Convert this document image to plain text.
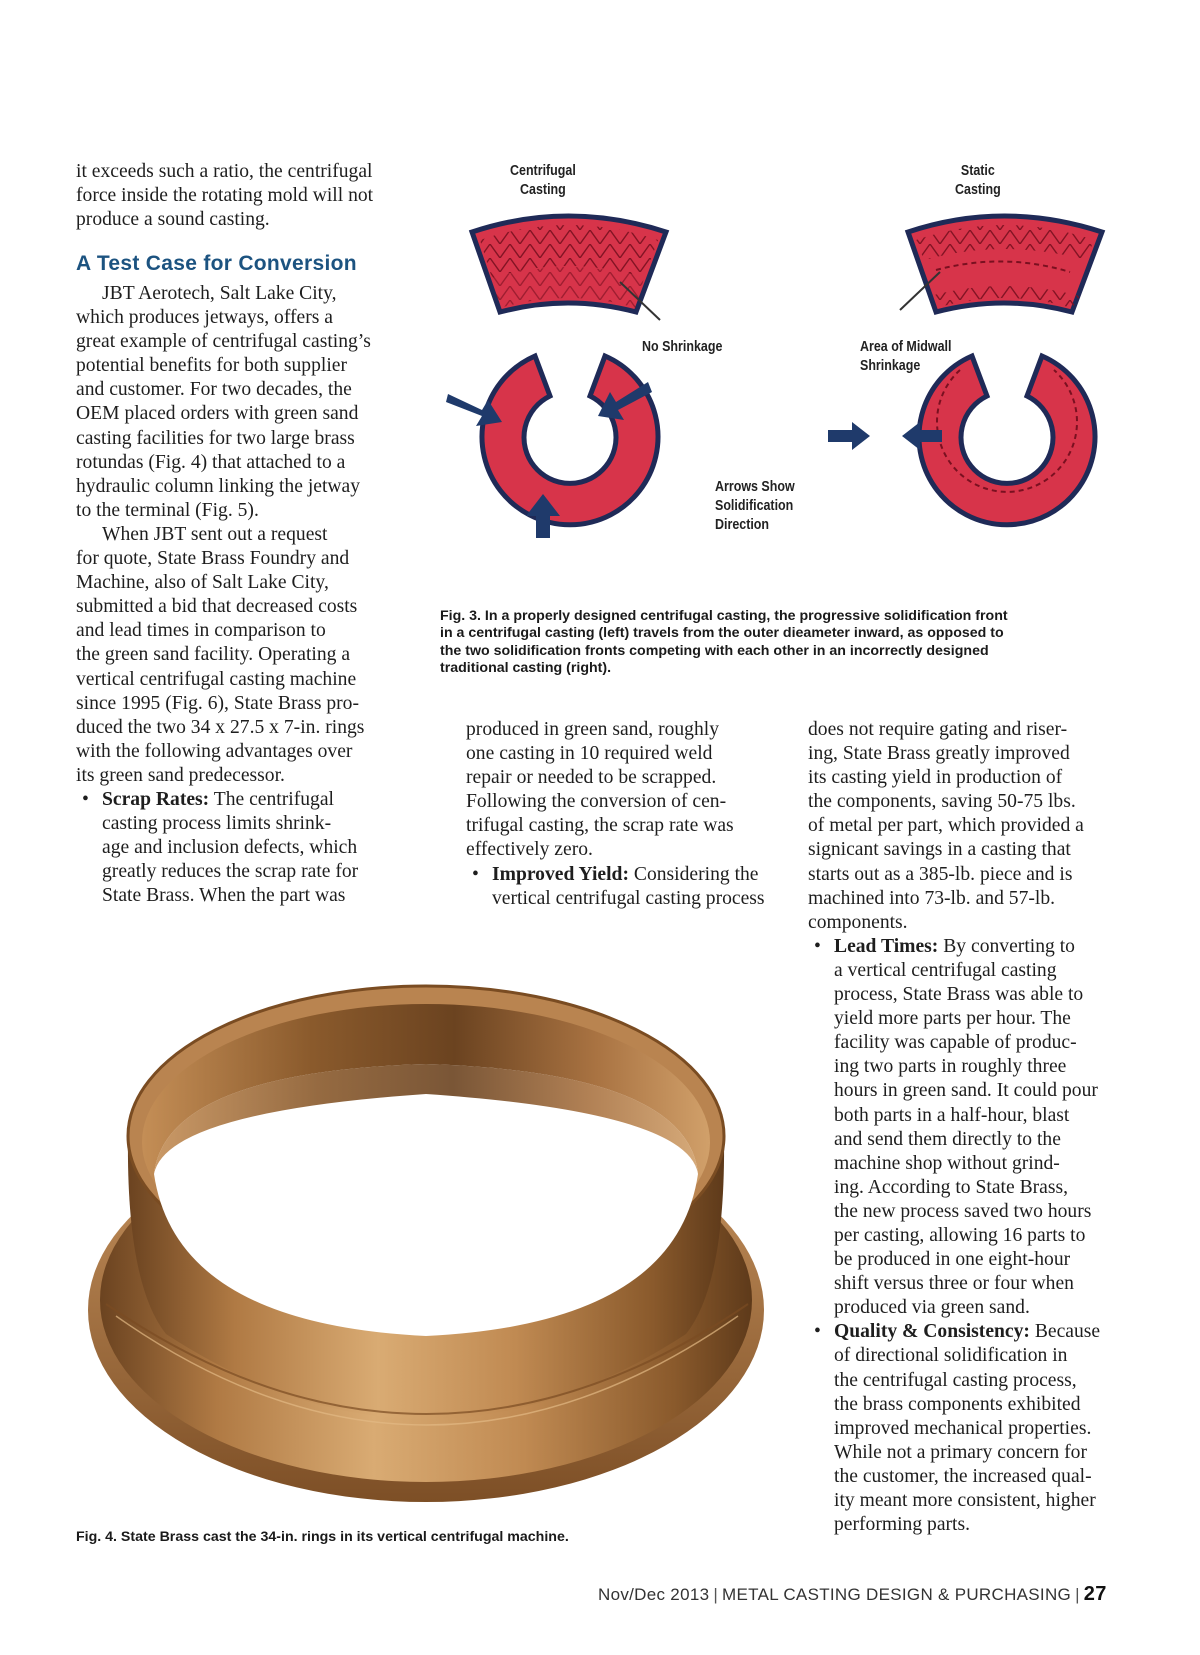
it exceeds such a ratio, the centrifugal
force inside the rotating mold will not
produce a sound casting.
A Test Case for Conversion
JBT Aerotech, Salt Lake City,
which produces jetways, offers a
great example of centrifugal casting’s
potential benefits for both supplier
and customer. For two decades, the
OEM placed orders with green sand
casting facilities for two large brass
rotundas (Fig. 4) that attached to a
hydraulic column linking the jetway
to the terminal (Fig. 5).
When JBT sent out a request
for quote, State Brass Foundry and
Machine, also of Salt Lake City,
submitted a bid that decreased costs
and lead times in comparison to
the green sand facility. Operating a
vertical centrifugal casting machine
since 1995 (Fig. 6), State Brass pro-
duced the two 34 x 27.5 x 7-in. rings
with the following advantages over
its green sand predecessor.
• Scrap Rates: The centrifugal
casting process limits shrink-
age and inclusion defects, which
greatly reduces the scrap rate for
State Brass. When the part was
produced in green sand, roughly
one casting in 10 required weld
repair or needed to be scrapped.
Following the conversion of cen-
trifugal casting, the scrap rate was
effectively zero.
• Improved Yield: Considering the
vertical centrifugal casting process
does not require gating and riser-
ing, State Brass greatly improved
its casting yield in production of
the components, saving 50-75 lbs.
of metal per part, which provided a
signicant savings in a casting that
starts out as a 385-lb. piece and is
machined into 73-lb. and 57-lb.
components.
• Lead Times: By converting to
a vertical centrifugal casting
process, State Brass was able to
yield more parts per hour. The
facility was capable of produc-
ing two parts in roughly three
hours in green sand. It could pour
both parts in a half-hour, blast
and send them directly to the
machine shop without grind-
ing. According to State Brass,
the new process saved two hours
per casting, allowing 16 parts to
be produced in one eight-hour
shift versus three or four when
produced via green sand.
• Quality & Consistency: Because
of directional solidification in
the centrifugal casting process,
the brass components exhibited
improved mechanical properties.
While not a primary concern for
the customer, the increased qual-
ity meant more consistent, higher
performing parts.
Centrifugal
Casting
Static
Casting
No Shrinkage	Area of Midwall
Shrinkage
Arrows Show
Solidification
Direction
Fig. 3. In a properly designed centrifugal casting, the progressive solidification front
in a centrifugal casting (left) travels from the outer dieameter inward, as opposed to
the two solidification fronts competing with each other in an incorrectly designed
traditional casting (right).
Fig. 4. State Brass cast the 34-in. rings in its vertical centrifugal machine.
Nov/Dec 2013 | METAL CASTING DESIGN & PURCHASING | 27
